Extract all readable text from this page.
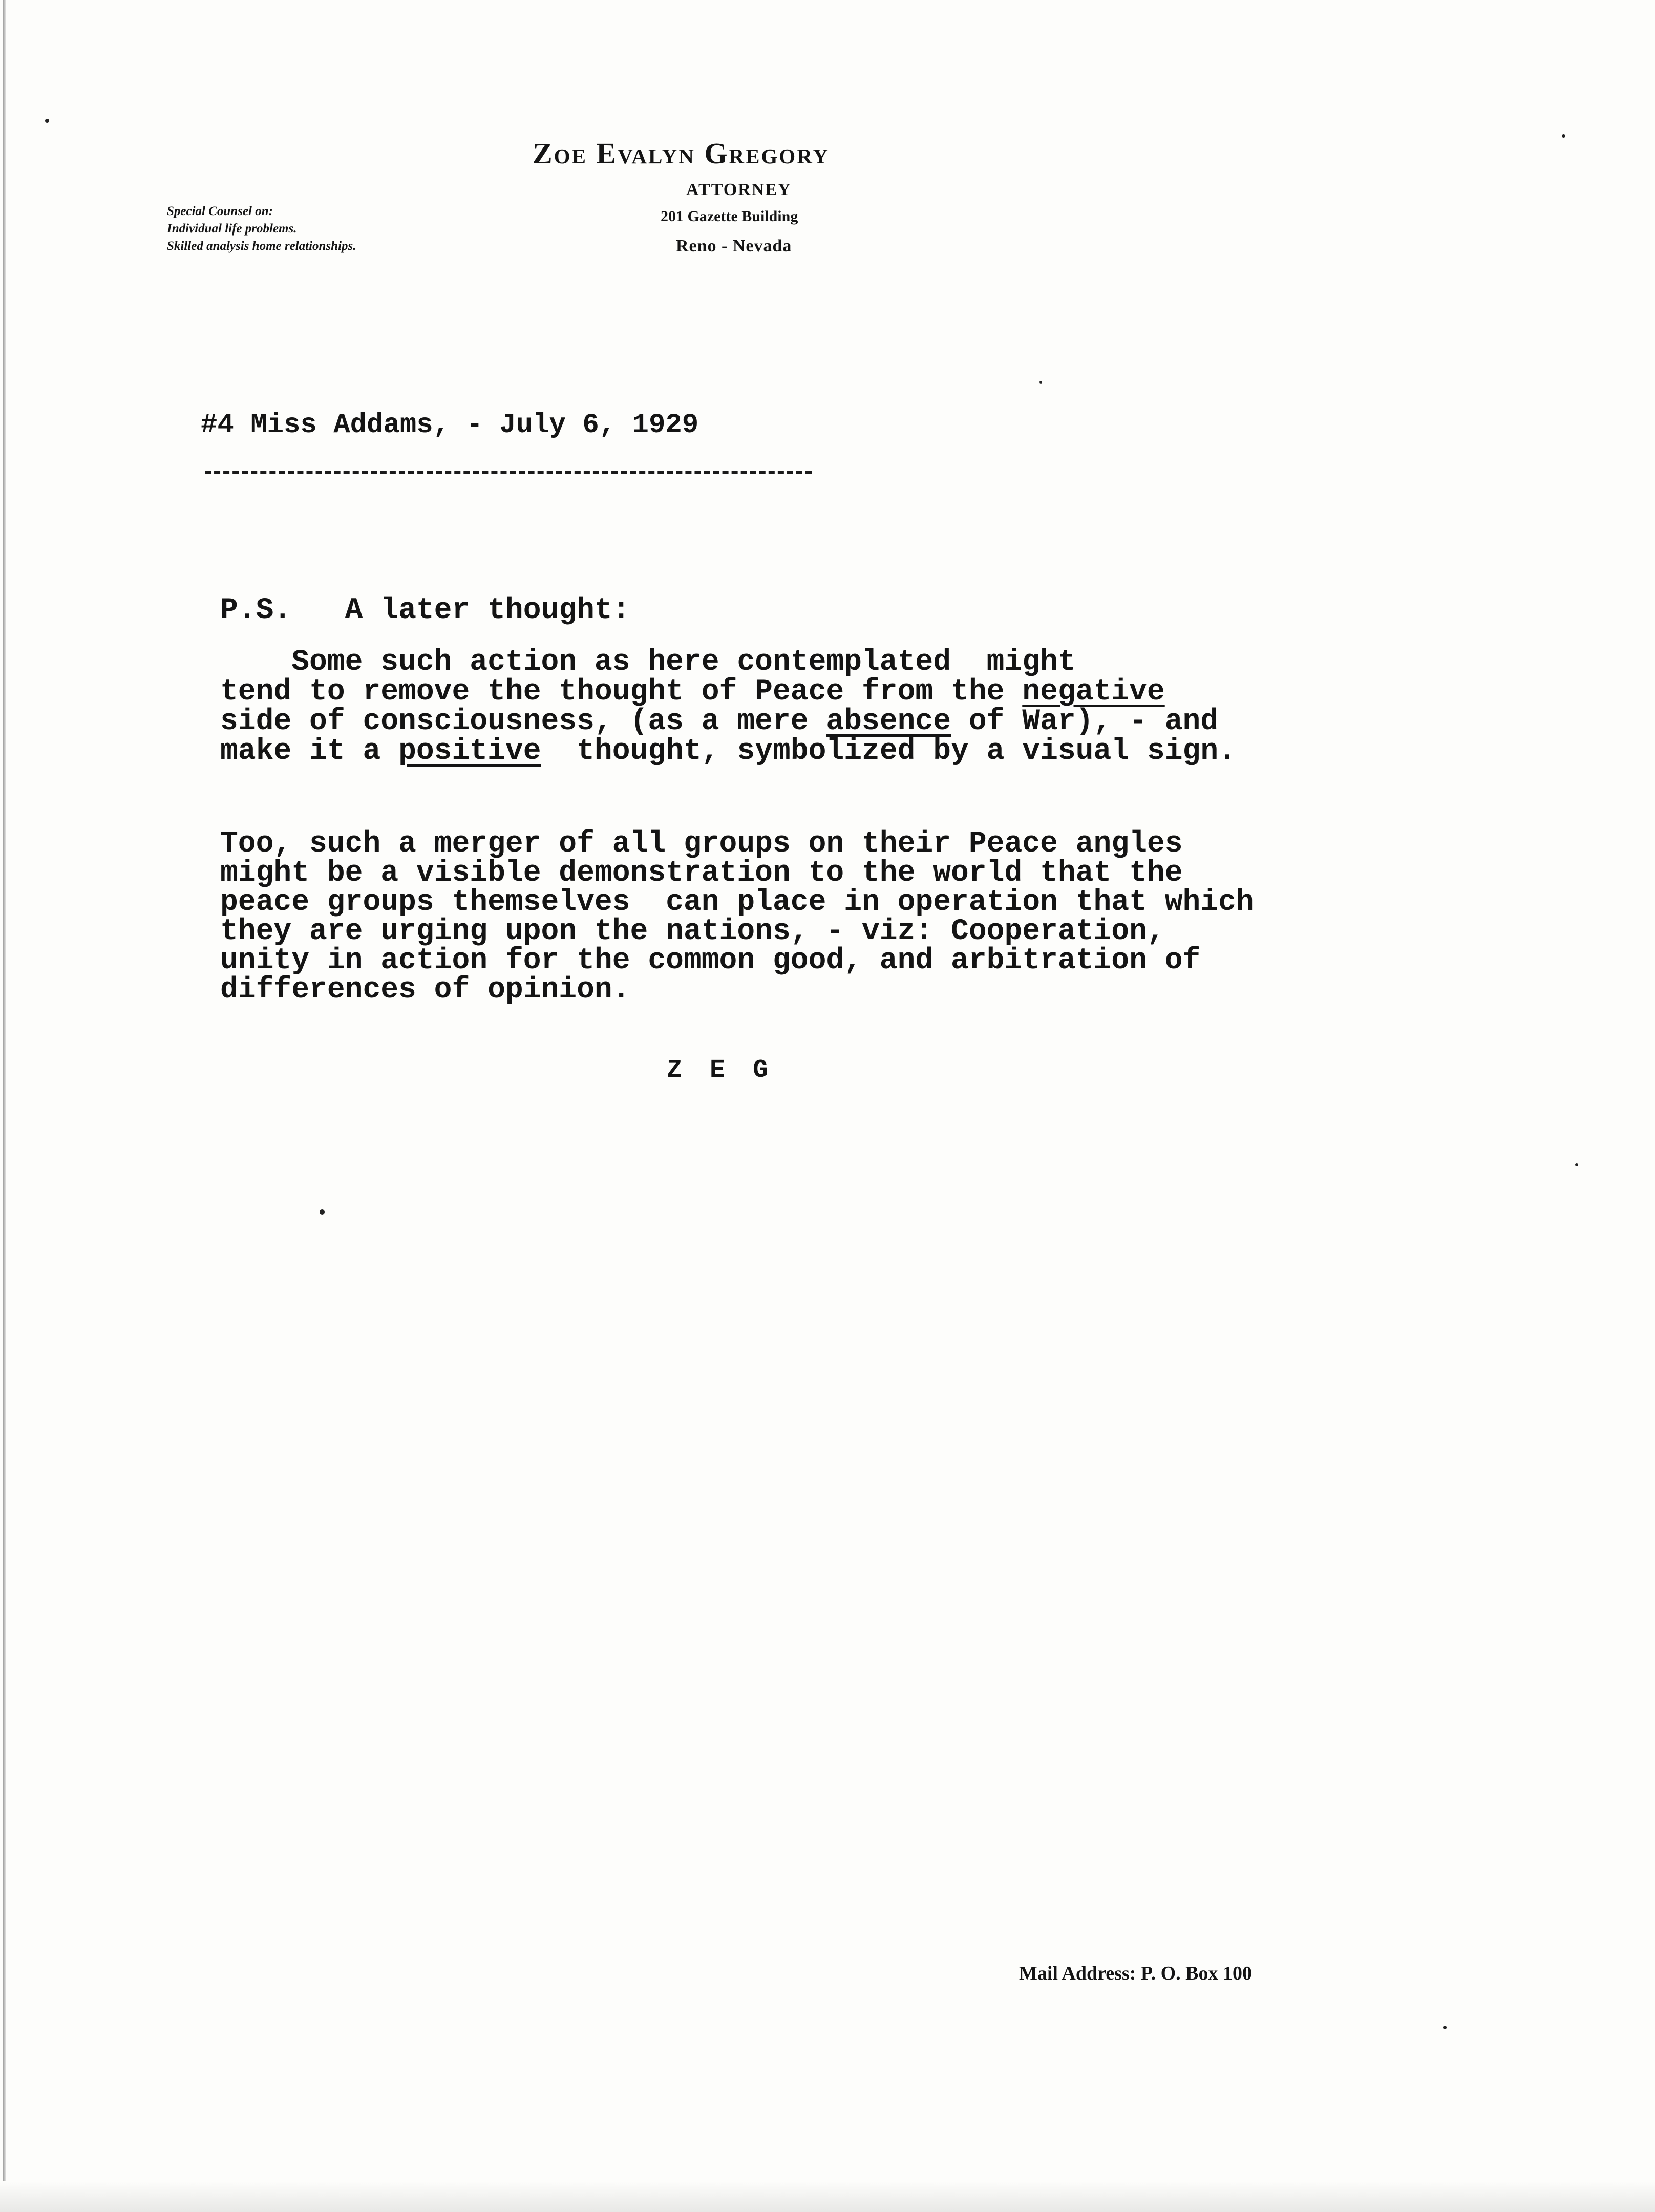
Zoe Evalyn Gregory
ATTORNEY
201 Gazette Building
Reno - Nevada
Special Counsel on:
Individual life problems.
Skilled analysis home relationships.
#4 Miss Addams, - July 6, 1929
P.S. A later thought:
Some such action as here contemplated  might
tend to remove the thought of Peace from the negative
side of consciousness, (as a mere absence of War), - and
make it a positive  thought, symbolized by a visual sign.
Too, such a merger of all groups on their Peace angles
might be a visible demonstration to the world that the
peace groups themselves  can place in operation that which
they are urging upon the nations, - viz: Cooperation,
unity in action for the common good, and arbitration of
differences of opinion.
Z E G
Mail Address: P. O. Box 100
